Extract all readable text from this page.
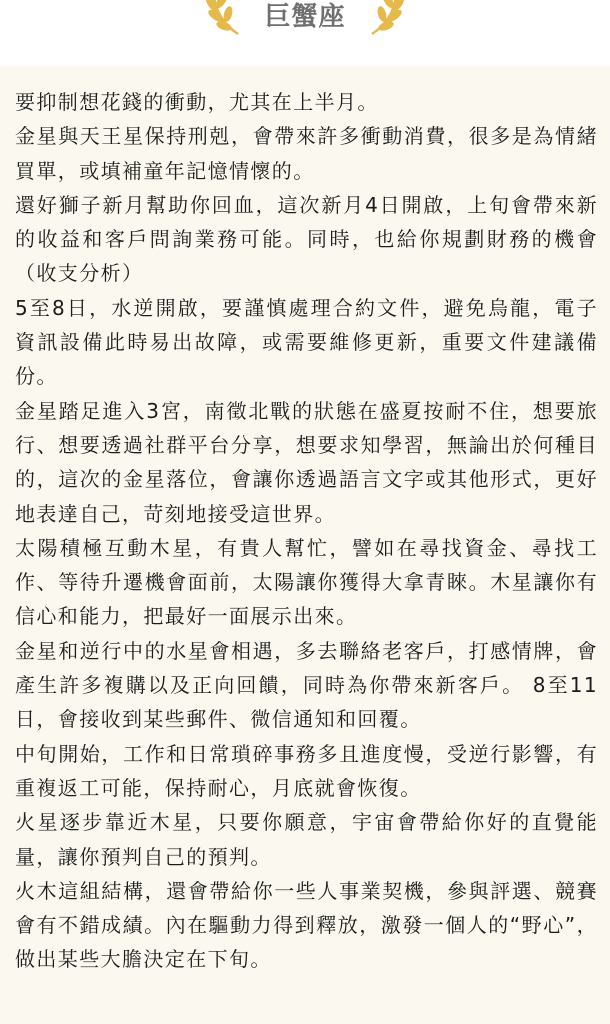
巨蟹座

要抑制想花錢的衝動，尤其在上半月。

金星與天王星保持刑剋，會帶來許多衝動消費，很多是為情緒買單，或填補童年記憶情懷的。

還好獅子新月幫助你回血，這次新月4日開啟，上旬會帶來新的收益和客戶問詢業務可能。同時，也給你規劃財務的機會（收支分析）

5至8日，水逆開啟，要謹慎處理合約文件，避免烏龍，電子資訊設備此時易出故障，或需要維修更新，重要文件建議備份。

金星踏足進入3宮，南徵北戰的狀態在盛夏按耐不住，想要旅行、想要透過社群平台分享，想要求知學習，無論出於何種目的，這次的金星落位，會讓你透過語言文字或其他形式，更好地表達自己，苛刻地接受這世界。

太陽積極互動木星，有貴人幫忙，譬如在尋找資金、尋找工作、等待升遷機會面前，太陽讓你獲得大拿青睞。木星讓你有信心和能力，把最好一面展示出來。

金星和逆行中的水星會相遇，多去聯絡老客戶，打感情牌，會產生許多複購以及正向回饋，同時為你帶來新客戶。 8至11日，會接收到某些郵件、微信通知和回覆。

中旬開始，工作和日常瑣碎事務多且進度慢，受逆行影響，有重複返工可能，保持耐心，月底就會恢復。

火星逐步靠近木星，只要你願意，宇宙會帶給你好的直覺能量，讓你預判自己的預判。

火木這組結構，還會帶給你一些人事業契機，參與評選、競賽會有不錯成績。內在驅動力得到釋放，激發一個人的“野心”，做出某些大膽決定在下旬。
